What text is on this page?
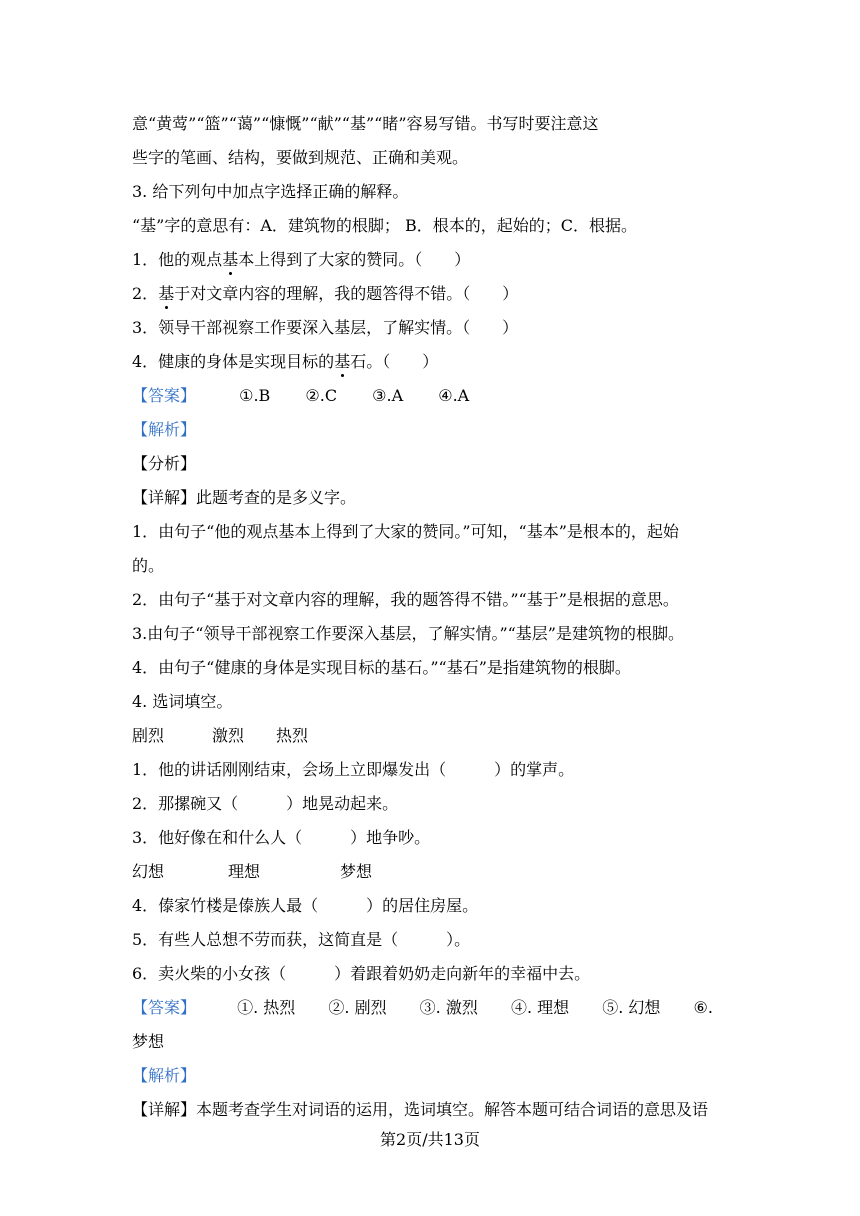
意“黄莺”“篮”“蔼”“慷慨”“献”“基”“睹”容易写错。书写时要注意这
些字的笔画、结构，要做到规范、正确和美观。
3. 给下列句中加点字选择正确的解释。
“基”字的意思有：A．建筑物的根脚； B．根本的，起始的；C．根据。
1．他的观点基本上得到了大家的赞同。（　　）
2．基于对文章内容的理解，我的题答得不错。（　　）
3．领导干部视察工作要深入基层，了解实情。（　　）
4．健康的身体是实现目标的基石。（　　）
【答案】	①.B ②.C ③.A ④.A
【解析】
【分析】
【详解】此题考查的是多义字。
1．由句子“他的观点基本上得到了大家的赞同。”可知，“基本”是根本的，起始
的。
2．由句子“基于对文章内容的理解，我的题答得不错。”“基于”是根据的意思。
3.由句子“领导干部视察工作要深入基层，了解实情。”“基层”是建筑物的根脚。
4．由句子“健康的身体是实现目标的基石。”“基石”是指建筑物的根脚。
4. 选词填空。
剧烈	激烈 热烈
1．他的讲话刚刚结束，会场上立即爆发出（　　　）的掌声。
2．那摞碗又（　　　）地晃动起来。
3．他好像在和什么人（　　　）地争吵。
幻想	理想	梦想
4．傣家竹楼是傣族人最（　　　）的居住房屋。
5．有些人总想不劳而获，这简直是（　　　）。
6．卖火柴的小女孩（　　　）着跟着奶奶走向新年的幸福中去。
【答案】	①. 热烈 ②. 剧烈 ③. 激烈 ④. 理想 ⑤. 幻想 ⑥.
梦想
【解析】
【详解】本题考查学生对词语的运用，选词填空。解答本题可结合词语的意思及语
第2页/共13页
